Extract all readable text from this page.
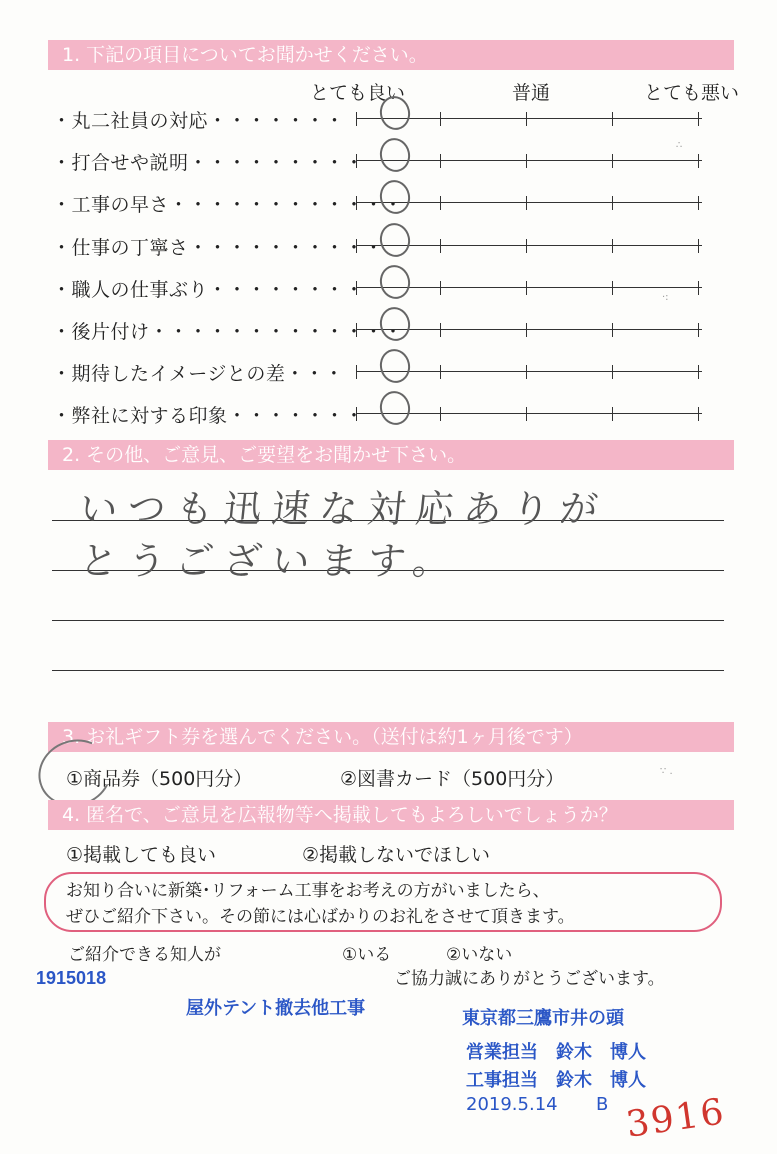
1. 下記の項目についてお聞かせください。
とても良い	普通	とても悪い
・丸二社員の対応・・・・・・・
・打合せや説明・・・・・・・・・
・工事の早さ・・・・・・・・・・・・
・仕事の丁寧さ・・・・・・・・・・
・職人の仕事ぶり・・・・・・・・
・後片付け・・・・・・・・・・・・・
・期待したイメージとの差・・・
・弊社に対する印象・・・・・・・
2. その他、ご意見、ご要望をお聞かせ下さい。
いつも迅速な対応ありが
とうございます。
3. お礼ギフト券を選んでください。（送付は約1ヶ月後です）
①商品券（500円分）	②図書カード（500円分）
4. 匿名で、ご意見を広報物等へ掲載してもよろしいでしょうか？
①掲載しても良い	②掲載しないでほしい
お知り合いに新築･リフォーム工事をお考えの方がいましたら、
ぜひご紹介下さい。その節には心ばかりのお礼をさせて頂きます。
ご紹介できる知人が	①いる	②いない
ご協力誠にありがとうございます。
1915018
屋外テント撤去他工事	東京都三鷹市井の頭
営業担当　鈴木　博人
工事担当　鈴木　博人
2019.5.14 B 3916
∴
·:
∵ .
